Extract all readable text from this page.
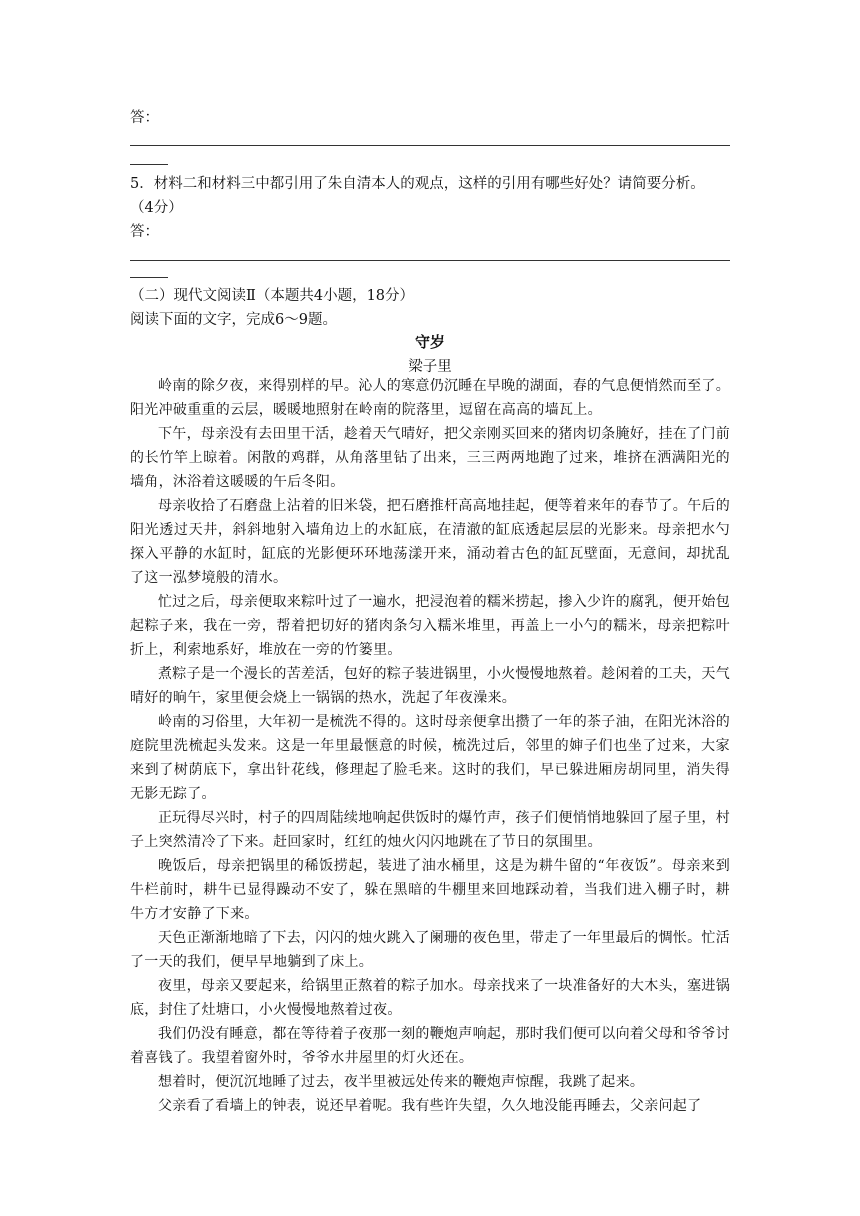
答：
5．材料二和材料三中都引用了朱自清本人的观点，这样的引用有哪些好处？请简要分析。
（4分）
答：
（二）现代文阅读Ⅱ（本题共4小题，18分）
阅读下面的文字，完成6～9题。
守岁
梁子里

岭南的除夕夜，来得别样的早。沁人的寒意仍沉睡在早晚的湖面，春的气息便悄然而至了。阳光冲破重重的云层，暖暖地照射在岭南的院落里，逗留在高高的墙瓦上。

下午，母亲没有去田里干活，趁着天气晴好，把父亲刚买回来的猪肉切条腌好，挂在了门前的长竹竿上晾着。闲散的鸡群，从角落里钻了出来，三三两两地跑了过来，堆挤在洒满阳光的墙角，沐浴着这暖暖的午后冬阳。

母亲收拾了石磨盘上沾着的旧米袋，把石磨推杆高高地挂起，便等着来年的春节了。午后的阳光透过天井，斜斜地射入墙角边上的水缸底，在清澈的缸底透起层层的光影来。母亲把水勺探入平静的水缸时，缸底的光影便环环地荡漾开来，涌动着古色的缸瓦壁面，无意间，却扰乱了这一泓梦境般的清水。

忙过之后，母亲便取来粽叶过了一遍水，把浸泡着的糯米捞起，掺入少许的腐乳，便开始包起粽子来，我在一旁，帮着把切好的猪肉条匀入糯米堆里，再盖上一小勺的糯米，母亲把粽叶折上，利索地系好，堆放在一旁的竹篓里。

煮粽子是一个漫长的苦差活，包好的粽子装进锅里，小火慢慢地熬着。趁闲着的工夫，天气晴好的晌午，家里便会烧上一锅锅的热水，洗起了年夜澡来。

岭南的习俗里，大年初一是梳洗不得的。这时母亲便拿出攒了一年的茶子油，在阳光沐浴的庭院里洗梳起头发来。这是一年里最惬意的时候，梳洗过后，邻里的婶子们也坐了过来，大家来到了树荫底下，拿出针花线，修理起了脸毛来。这时的我们，早已躲进厢房胡同里，消失得无影无踪了。

正玩得尽兴时，村子的四周陆续地响起供饭时的爆竹声，孩子们便悄悄地躲回了屋子里，村子上突然清冷了下来。赶回家时，红红的烛火闪闪地跳在了节日的氛围里。

晚饭后，母亲把锅里的稀饭捞起，装进了油水桶里，这是为耕牛留的“年夜饭”。母亲来到牛栏前时，耕牛已显得躁动不安了，躲在黑暗的牛棚里来回地踩动着，当我们进入棚子时，耕牛方才安静了下来。

天色正渐渐地暗了下去，闪闪的烛火跳入了阑珊的夜色里，带走了一年里最后的惆怅。忙活了一天的我们，便早早地躺到了床上。

夜里，母亲又要起来，给锅里正熬着的粽子加水。母亲找来了一块准备好的大木头，塞进锅底，封住了灶塘口，小火慢慢地熬着过夜。

我们仍没有睡意，都在等待着子夜那一刻的鞭炮声响起，那时我们便可以向着父母和爷爷讨着喜钱了。我望着窗外时，爷爷水井屋里的灯火还在。

想着时，便沉沉地睡了过去，夜半里被远处传来的鞭炮声惊醒，我跳了起来。

父亲看了看墙上的钟表，说还早着呢。我有些许失望，久久地没能再睡去，父亲问起了
